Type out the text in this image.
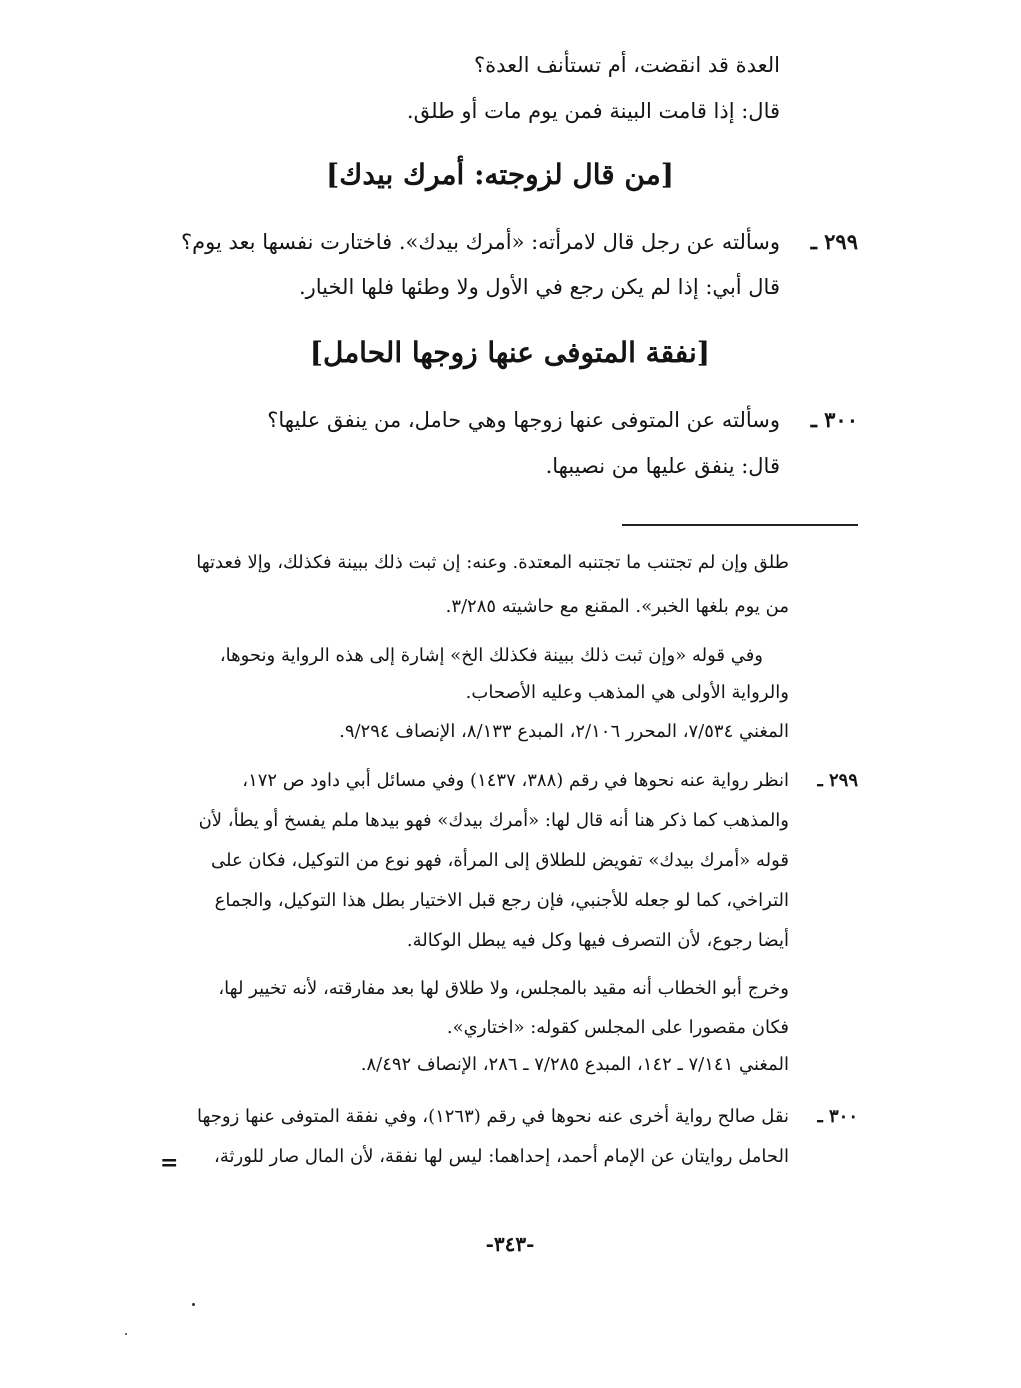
العدة قد انقضت، أم تستأنف العدة؟
قال: إذا قامت البينة فمن يوم مات أو طلق.
[من قال لزوجته: أمرك بيدك]
٢٩٩ ـ
وسألته عن رجل قال لامرأته: «أمرك بيدك». فاختارت نفسها بعد يوم؟
قال أبي: إذا لم يكن رجع في الأول ولا وطئها فلها الخيار.
[نفقة المتوفى عنها زوجها الحامل]
٣٠٠ ـ
وسألته عن المتوفى عنها زوجها وهي حامل، من ينفق عليها؟
قال: ينفق عليها من نصيبها.
طلق وإن لم تجتنب ما تجتنبه المعتدة. وعنه: إن ثبت ذلك ببينة فكذلك، وإلا فعدتها
من يوم بلغها الخبر». المقنع مع حاشيته ٣/٢٨٥.
وفي قوله «وإن ثبت ذلك ببينة فكذلك الخ» إشارة إلى هذه الرواية ونحوها،
والرواية الأولى هي المذهب وعليه الأصحاب.
المغني ٧/٥٣٤، المحرر ٢/١٠٦، المبدع ٨/١٣٣، الإنصاف ٩/٢٩٤.
٢٩٩ ـ
انظر رواية عنه نحوها في رقم (٣٨٨، ١٤٣٧) وفي مسائل أبي داود ص ١٧٢،
والمذهب كما ذكر هنا أنه قال لها: «أمرك بيدك» فهو بيدها ملم يفسخ أو يطأ، لأن
قوله «أمرك بيدك» تفويض للطلاق إلى المرأة، فهو نوع من التوكيل، فكان على
التراخي، كما لو جعله للأجنبي، فإن رجع قبل الاختيار بطل هذا التوكيل، والجماع
أيضا رجوع، لأن التصرف فيها وكل فيه يبطل الوكالة.
وخرج أبو الخطاب أنه مقيد بالمجلس، ولا طلاق لها بعد مفارقته، لأنه تخيير لها،
فكان مقصورا على المجلس كقوله: «اختاري».
المغني ٧/١٤١ ـ ١٤٢، المبدع ٧/٢٨٥ ـ ٢٨٦، الإنصاف ٨/٤٩٢.
٣٠٠ ـ
نقل صالح رواية أخرى عنه نحوها في رقم (١٢٦٣)، وفي نفقة المتوفى عنها زوجها
الحامل روايتان عن الإمام أحمد، إحداهما: ليس لها نفقة، لأن المال صار للورثة،
=
-٣٤٣-
